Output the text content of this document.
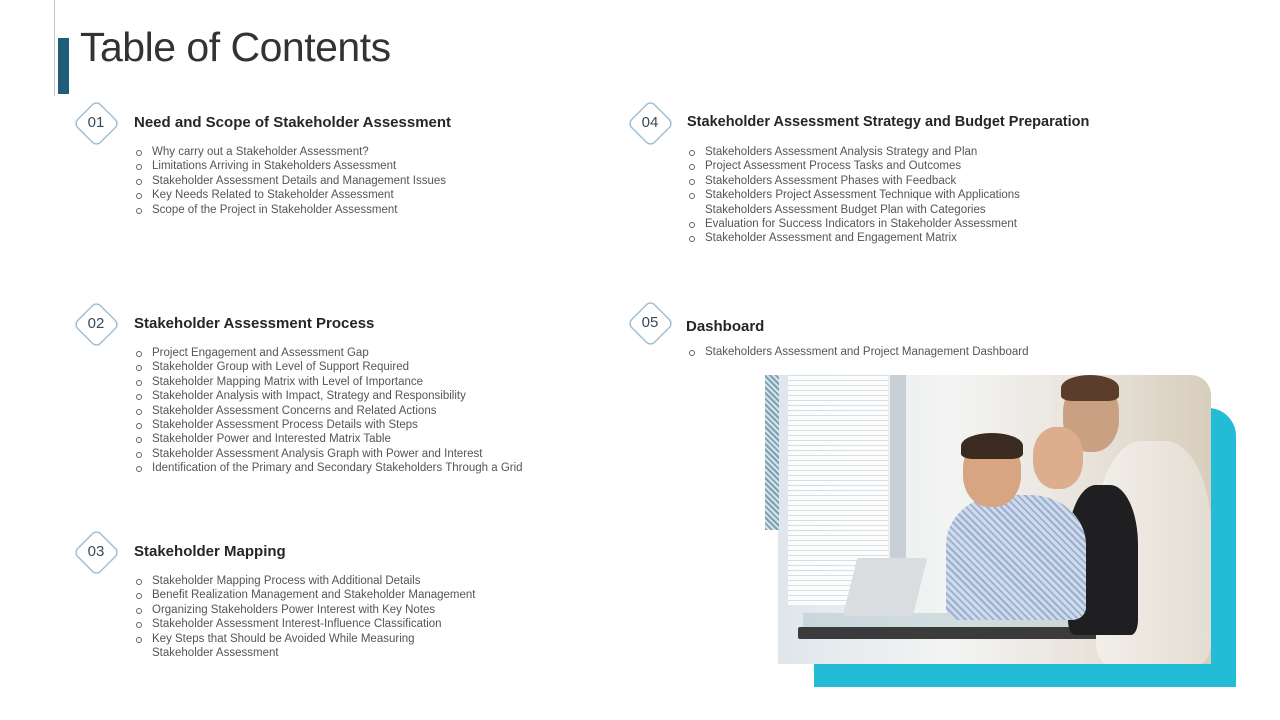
Table of Contents
01	Need and Scope of Stakeholder Assessment
Why carry out a Stakeholder Assessment?
Limitations Arriving in Stakeholders Assessment
Stakeholder Assessment Details and Management Issues
Key Needs Related to Stakeholder Assessment
Scope of the Project in Stakeholder Assessment
02	Stakeholder Assessment Process
Project Engagement and Assessment Gap
Stakeholder Group with Level of Support Required
Stakeholder Mapping Matrix with Level of Importance
Stakeholder Analysis with Impact, Strategy and Responsibility
Stakeholder Assessment Concerns and Related Actions
Stakeholder Assessment Process Details with Steps
Stakeholder Power and Interested Matrix Table
Stakeholder Assessment Analysis Graph with Power and Interest
Identification of the Primary and Secondary Stakeholders Through a Grid
03	Stakeholder Mapping
Stakeholder Mapping Process with Additional Details
Benefit Realization Management and Stakeholder Management
Organizing Stakeholders Power Interest with Key Notes
Stakeholder Assessment Interest-Influence Classification
Key Steps that Should be Avoided While Measuring
Stakeholder Assessment
04	Stakeholder Assessment Strategy and Budget Preparation
Stakeholders Assessment Analysis Strategy and Plan
Project Assessment Process Tasks and Outcomes
Stakeholders Assessment Phases with Feedback
Stakeholders Project Assessment Technique with Applications
Stakeholders Assessment Budget Plan with Categories
Evaluation for Success Indicators in Stakeholder Assessment
Stakeholder Assessment and Engagement Matrix
05	Dashboard
Stakeholders Assessment and Project Management Dashboard
